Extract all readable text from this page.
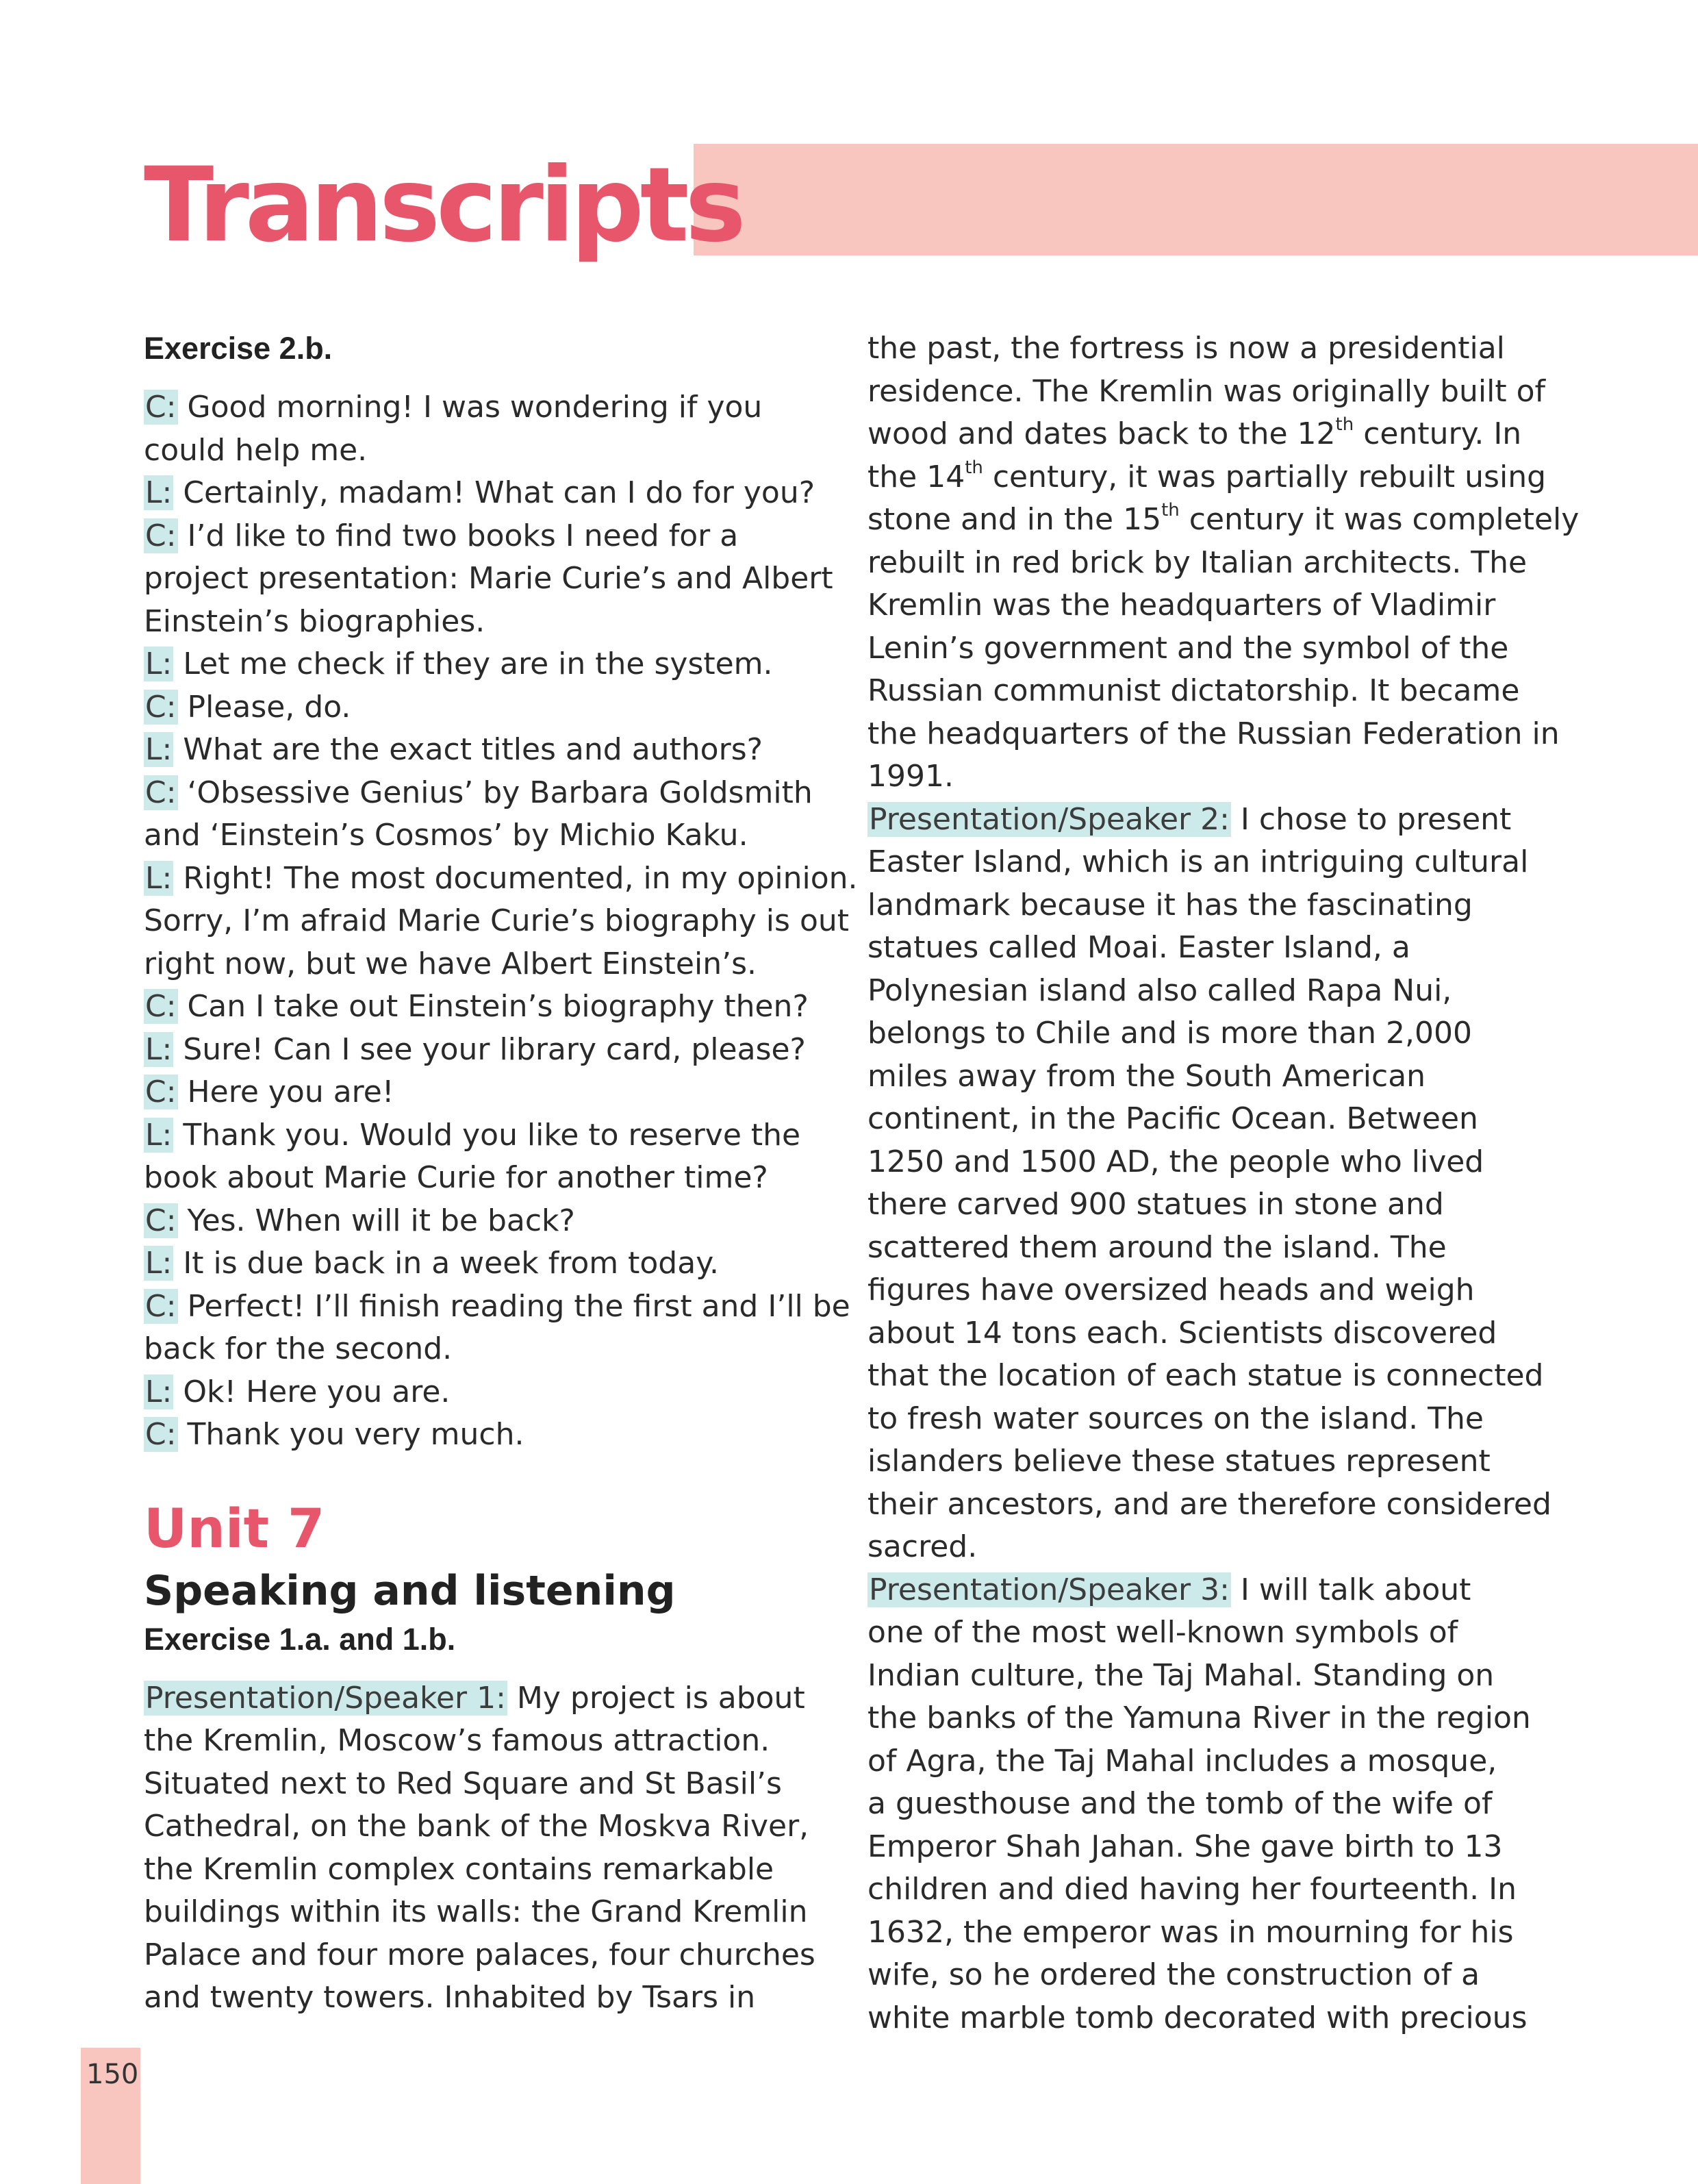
Transcripts
Exercise 2.b.
C: Good morning! I was wondering if you
could help me.
L: Certainly, madam! What can I do for you?
C: I’d like to find two books I need for a
project presentation: Marie Curie’s and Albert
Einstein’s biographies.
L: Let me check if they are in the system.
C: Please, do.
L: What are the exact titles and authors?
C: ‘Obsessive Genius’ by Barbara Goldsmith
and ‘Einstein’s Cosmos’ by Michio Kaku.
L: Right! The most documented, in my opinion.
Sorry, I’m afraid Marie Curie’s biography is out
right now, but we have Albert Einstein’s.
C: Can I take out Einstein’s biography then?
L: Sure! Can I see your library card, please?
C: Here you are!
L: Thank you. Would you like to reserve the
book about Marie Curie for another time?
C: Yes. When will it be back?
L: It is due back in a week from today.
C: Perfect! I’ll finish reading the first and I’ll be
back for the second.
L: Ok! Here you are.
C: Thank you very much.
Unit 7
Speaking and listening
Exercise 1.a. and 1.b.
Presentation/Speaker 1: My project is about
the Kremlin, Moscow’s famous attraction.
Situated next to Red Square and St Basil’s
Cathedral, on the bank of the Moskva River,
the Kremlin complex contains remarkable
buildings within its walls: the Grand Kremlin
Palace and four more palaces, four churches
and twenty towers. Inhabited by Tsars in
the past, the fortress is now a presidential
residence. The Kremlin was originally built of
wood and dates back to the 12th century. In
the 14th century, it was partially rebuilt using
stone and in the 15th century it was completely
rebuilt in red brick by Italian architects. The
Kremlin was the headquarters of Vladimir
Lenin’s government and the symbol of the
Russian communist dictatorship. It became
the headquarters of the Russian Federation in
1991.
Presentation/Speaker 2: I chose to present
Easter Island, which is an intriguing cultural
landmark because it has the fascinating
statues called Moai. Easter Island, a
Polynesian island also called Rapa Nui,
belongs to Chile and is more than 2,000
miles away from the South American
continent, in the Pacific Ocean. Between
1250 and 1500 AD, the people who lived
there carved 900 statues in stone and
scattered them around the island. The
figures have oversized heads and weigh
about 14 tons each. Scientists discovered
that the location of each statue is connected
to fresh water sources on the island. The
islanders believe these statues represent
their ancestors, and are therefore considered
sacred.
Presentation/Speaker 3: I will talk about
one of the most well-known symbols of
Indian culture, the Taj Mahal. Standing on
the banks of the Yamuna River in the region
of Agra, the Taj Mahal includes a mosque,
a guesthouse and the tomb of the wife of
Emperor Shah Jahan. She gave birth to 13
children and died having her fourteenth. In
1632, the emperor was in mourning for his
wife, so he ordered the construction of a
white marble tomb decorated with precious
150
